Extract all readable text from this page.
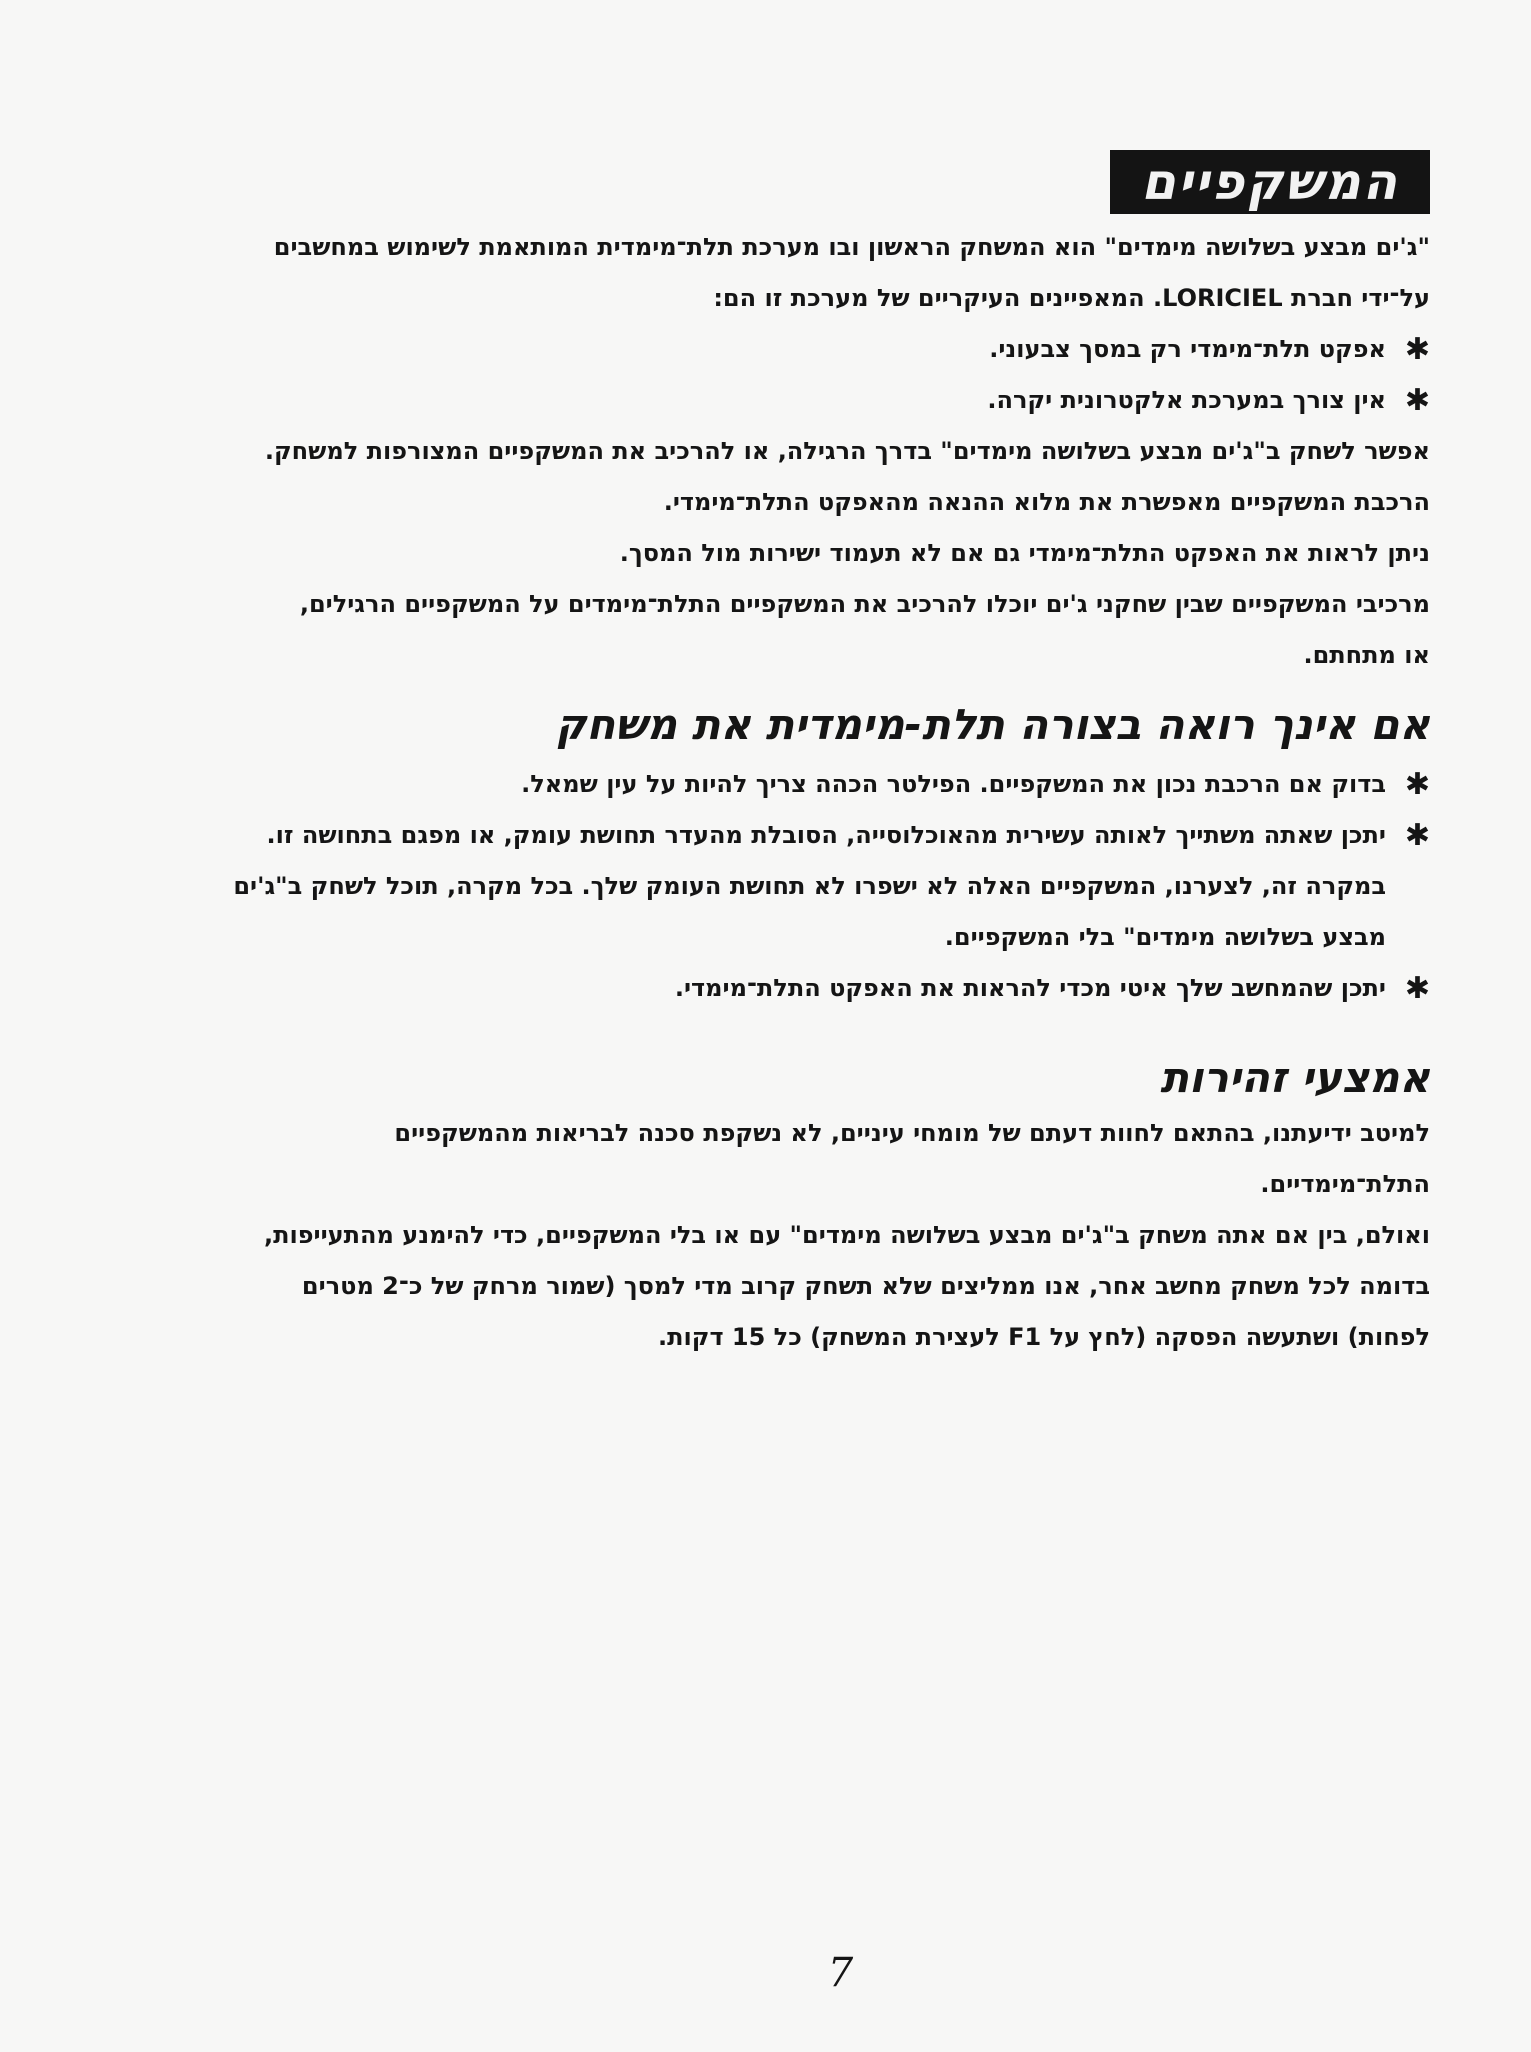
המשקפיים
"ג'ים מבצע בשלושה מימדים" הוא המשחק הראשון ובו מערכת תלת־מימדית המותאמת לשימוש במחשבים
על־ידי חברת LORICIEL. המאפיינים העיקריים של מערכת זו הם:
✱
אפקט תלת־מימדי רק במסך צבעוני.
✱
אין צורך במערכת אלקטרונית יקרה.
אפשר לשחק ב"ג'ים מבצע בשלושה מימדים" בדרך הרגילה, או להרכיב את המשקפיים המצורפות למשחק.
הרכבת המשקפיים מאפשרת את מלוא ההנאה מהאפקט התלת־מימדי.
ניתן לראות את האפקט התלת־מימדי גם אם לא תעמוד ישירות מול המסך.
מרכיבי המשקפיים שבין שחקני ג'ים יוכלו להרכיב את המשקפיים התלת־מימדים על המשקפיים הרגילים,
או מתחתם.
אם אינך רואה בצורה תלת-מימדית את משחק
✱
בדוק אם הרכבת נכון את המשקפיים. הפילטר הכהה צריך להיות על עין שמאל.
✱
יתכן שאתה משתייך לאותה עשירית מהאוכלוסייה, הסובלת מהעדר תחושת עומק, או מפגם בתחושה זו.
במקרה זה, לצערנו, המשקפיים האלה לא ישפרו לא תחושת העומק שלך. בכל מקרה, תוכל לשחק ב"ג'ים
מבצע בשלושה מימדים" בלי המשקפיים.
✱
יתכן שהמחשב שלך איטי מכדי להראות את האפקט התלת־מימדי.
אמצעי זהירות
למיטב ידיעתנו, בהתאם לחוות דעתם של מומחי עיניים, לא נשקפת סכנה לבריאות מהמשקפיים
התלת־מימדיים.
ואולם, בין אם אתה משחק ב"ג'ים מבצע בשלושה מימדים" עם או בלי המשקפיים, כדי להימנע מהתעייפות,
בדומה לכל משחק מחשב אחר, אנו ממליצים שלא תשחק קרוב מדי למסך (שמור מרחק של כ־2 מטרים
לפחות) ושתעשה הפסקה (לחץ על F1 לעצירת המשחק) כל 15 דקות.
7
